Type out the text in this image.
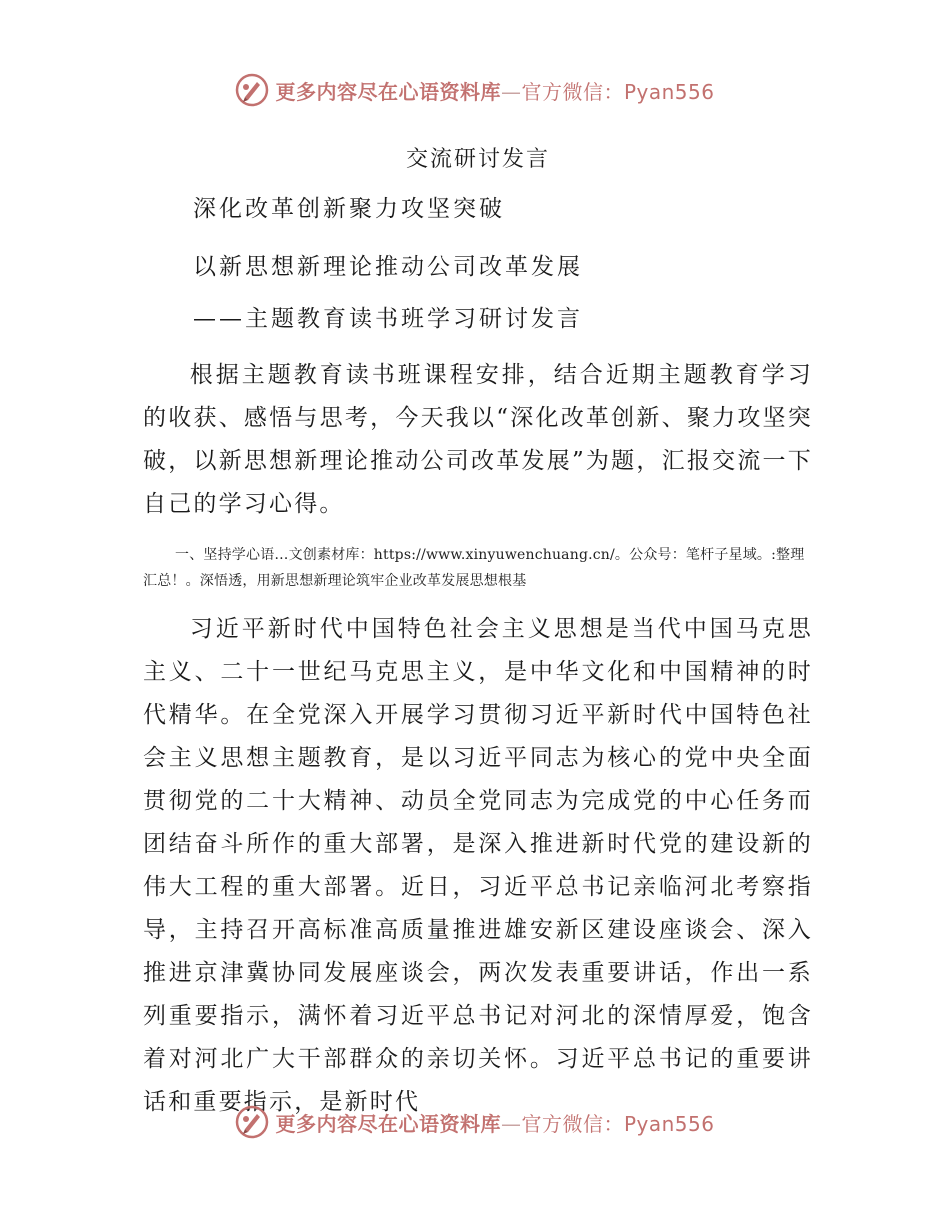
更多内容尽在心语资料库—官方微信：Pyan556
交流研讨发言
深化改革创新聚力攻坚突破
以新思想新理论推动公司改革发展
——主题教育读书班学习研讨发言

根据主题教育读书班课程安排，结合近期主题教育学习的收获、感悟与思考，今天我以“深化改革创新、聚力攻坚突破，以新思想新理论推动公司改革发展”为题，汇报交流一下自己的学习心得。

一、坚持学心语…文创素材库：https://www.xinyuwenchuang.cn/。公众号：笔杆子星域。:整理汇总！。深悟透，用新思想新理论筑牢企业改革发展思想根基

习近平新时代中国特色社会主义思想是当代中国马克思主义、二十一世纪马克思主义，是中华文化和中国精神的时代精华。在全党深入开展学习贯彻习近平新时代中国特色社会主义思想主题教育，是以习近平同志为核心的党中央全面贯彻党的二十大精神、动员全党同志为完成党的中心任务而团结奋斗所作的重大部署，是深入推进新时代党的建设新的伟大工程的重大部署。近日，习近平总书记亲临河北考察指导，主持召开高标准高质量推进雄安新区建设座谈会、深入推进京津冀协同发展座谈会，两次发表重要讲话，作出一系列重要指示，满怀着习近平总书记对河北的深情厚爱，饱含着对河北广大干部群众的亲切关怀。习近平总书记的重要讲话和重要指示，是新时代

更多内容尽在心语资料库—官方微信：Pyan556
